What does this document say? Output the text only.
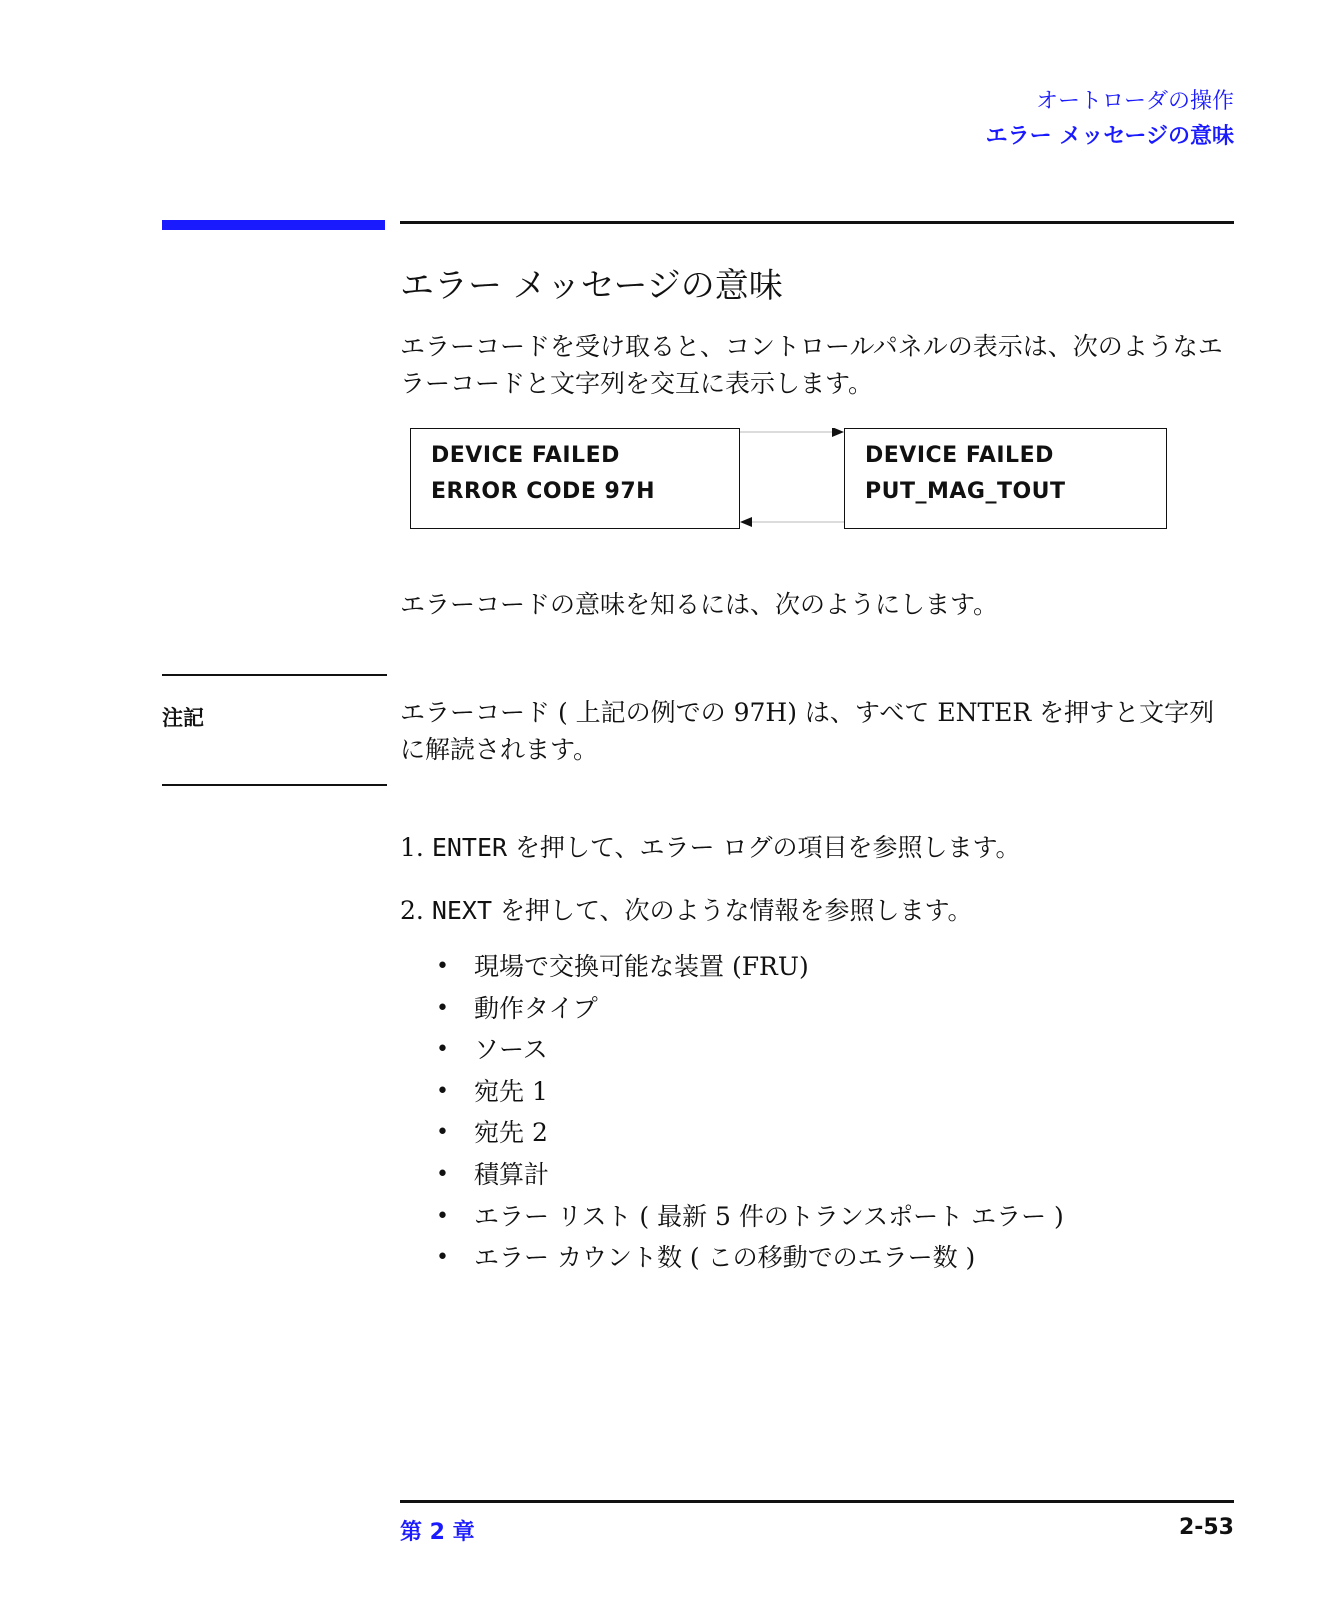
オートローダの操作
エラー メッセージの意味
エラー メッセージの意味
エラーコードを受け取ると、コントロールパネルの表示は、次のようなエラーコードと文字列を交互に表示します。
DEVICE FAILED
ERROR CODE 97H
DEVICE FAILED
PUT_MAG_TOUT
エラーコードの意味を知るには、次のようにします。
注記	エラーコード ( 上記の例での 97H) は、すべて ENTER を押すと文字列に解読されます。
1. ENTER を押して、エラー ログの項目を参照します。
2. NEXT を押して、次のような情報を参照します。
• 現場で交換可能な装置 (FRU)
• 動作タイプ
• ソース
• 宛先 1
• 宛先 2
• 積算計
• エラー リスト ( 最新 5 件のトランスポート エラー )
• エラー カウント数 ( この移動でのエラー数 )
第 2 章	2-53
